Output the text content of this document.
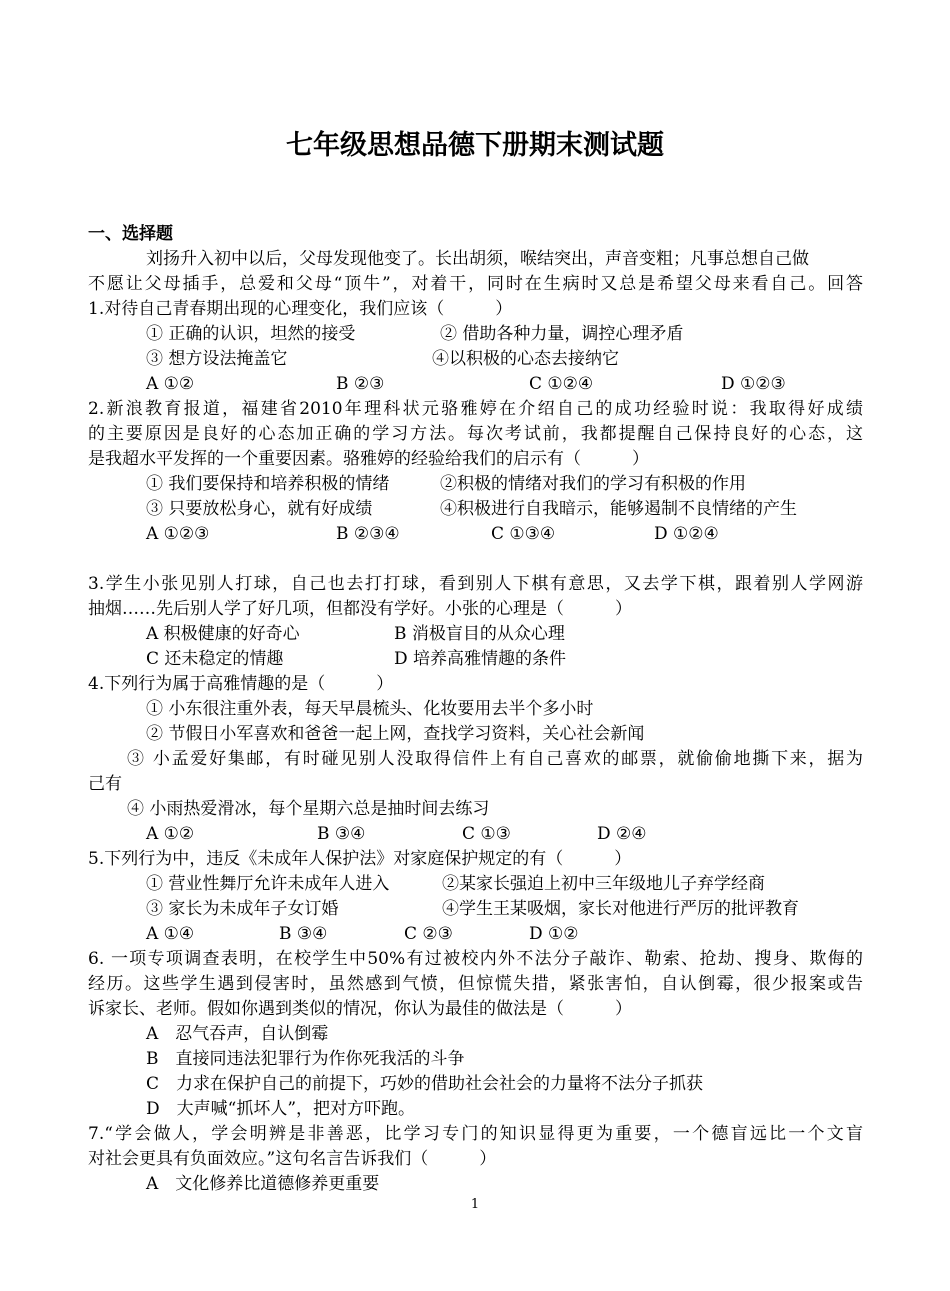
七年级思想品德下册期末测试题
一、选择题
刘扬升入初中以后，父母发现他变了。长出胡须，喉结突出，声音变粗；凡事总想自己做
不愿让父母插手，总爱和父母“顶牛”，对着干，同时在生病时又总是希望父母来看自己。回答
1.对待自己青春期出现的心理变化，我们应该（　　　）
① 正确的认识，坦然的接受	② 借助各种力量，调控心理矛盾
③ 想方设法掩盖它	④以积极的心态去接纳它
A ①②	B ②③	C ①②④	D ①②③
2.新浪教育报道，福建省2010年理科状元骆雅婷在介绍自己的成功经验时说：我取得好成绩
的主要原因是良好的心态加正确的学习方法。每次考试前，我都提醒自己保持良好的心态，这
是我超水平发挥的一个重要因素。骆雅婷的经验给我们的启示有（　　　）
① 我们要保持和培养积极的情绪	②积极的情绪对我们的学习有积极的作用
③ 只要放松身心，就有好成绩	④积极进行自我暗示，能够遏制不良情绪的产生
A ①②③	B ②③④	C ①③④	D ①②④
3.学生小张见别人打球，自己也去打打球，看到别人下棋有意思，又去学下棋，跟着别人学网游
抽烟……先后别人学了好几项，但都没有学好。小张的心理是（　　　）
A 积极健康的好奇心	B 消极盲目的从众心理
C 还未稳定的情趣	D 培养高雅情趣的条件
4.下列行为属于高雅情趣的是（　　　）
① 小东很注重外表，每天早晨梳头、化妆要用去半个多小时
② 节假日小军喜欢和爸爸一起上网，查找学习资料，关心社会新闻
③ 小孟爱好集邮，有时碰见别人没取得信件上有自己喜欢的邮票，就偷偷地撕下来，据为
己有
④ 小雨热爱滑冰，每个星期六总是抽时间去练习
A ①②	B ③④	C ①③	D ②④
5.下列行为中，违反《未成年人保护法》对家庭保护规定的有（　　　）
① 营业性舞厅允许未成年人进入	②某家长强迫上初中三年级地儿子弃学经商
③ 家长为未成年子女订婚	④学生王某吸烟，家长对他进行严厉的批评教育
A ①④	B ③④	C ②③	D ①②
6. 一项专项调查表明，在校学生中50%有过被校内外不法分子敲诈、勒索、抢劫、搜身、欺侮的
经历。这些学生遇到侵害时，虽然感到气愤，但惊慌失措，紧张害怕，自认倒霉，很少报案或告
诉家长、老师。假如你遇到类似的情况，你认为最佳的做法是（　　　）
A　忍气吞声，自认倒霉
B　直接同违法犯罪行为作你死我活的斗争
C　力求在保护自己的前提下，巧妙的借助社会社会的力量将不法分子抓获
D　大声喊“抓坏人”，把对方吓跑。
7.“学会做人，学会明辨是非善恶，比学习专门的知识显得更为重要，一个德盲远比一个文盲
对社会更具有负面效应。”这句名言告诉我们（　　　）
A　文化修养比道德修养更重要
1
